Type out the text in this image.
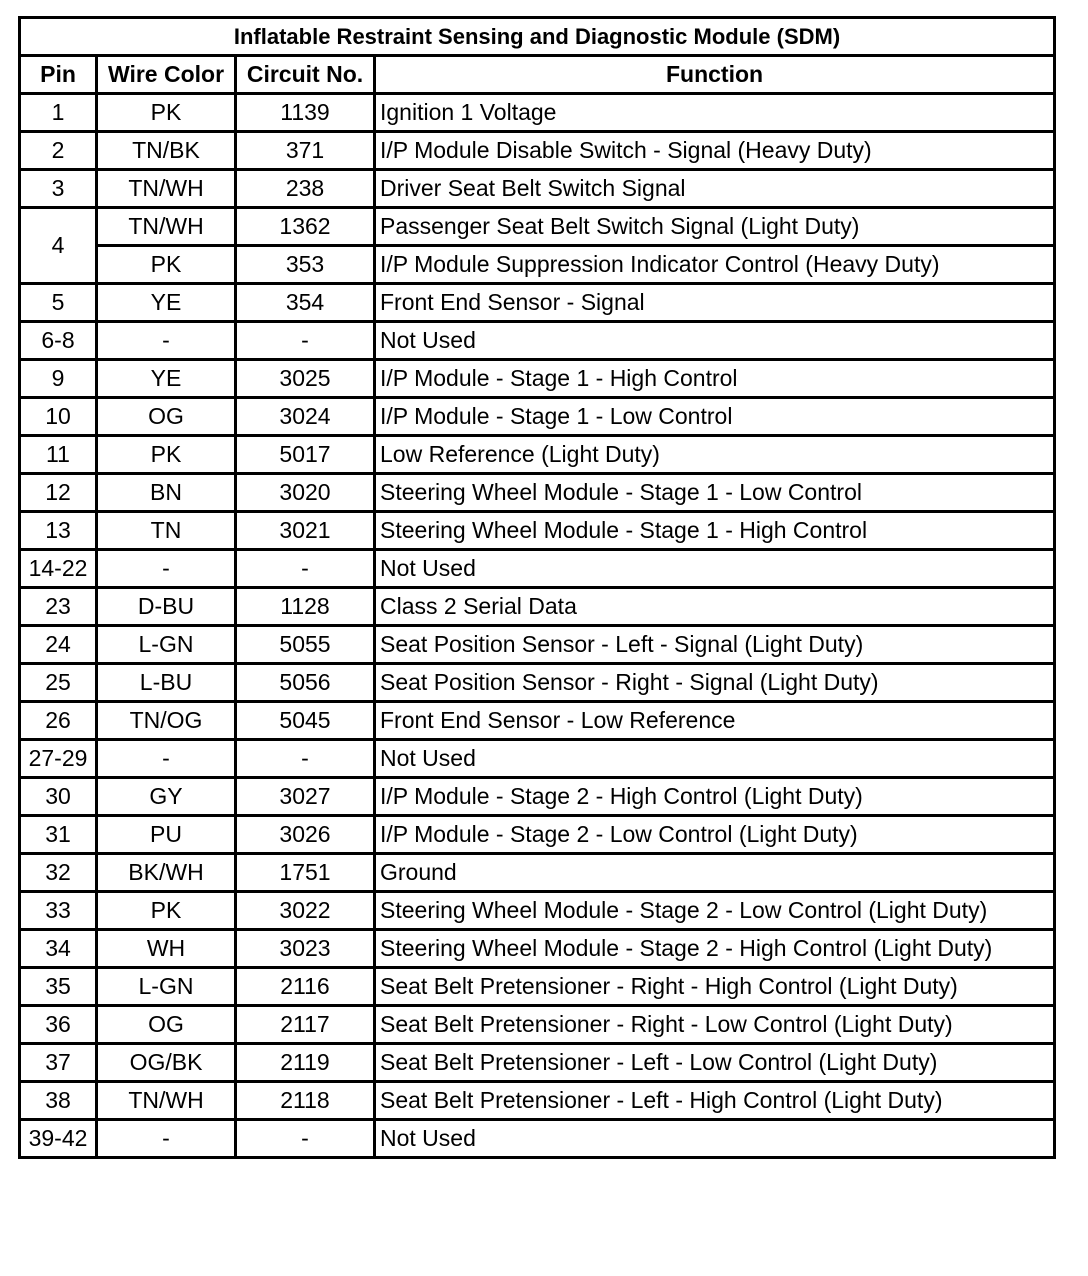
Inflatable Restraint Sensing and Diagnostic Module (SDM)			
Pin	Wire Color	Circuit No.	Function
1	PK	1139	Ignition 1 Voltage
2	TN/BK	371	I/P Module Disable Switch - Signal (Heavy Duty)
3	TN/WH	238	Driver Seat Belt Switch Signal
4	TN/WH	1362	Passenger Seat Belt Switch Signal (Light Duty)
	PK	353	I/P Module Suppression Indicator Control (Heavy Duty)
5	YE	354	Front End Sensor - Signal
6-8	-	-	Not Used
9	YE	3025	I/P Module - Stage 1 - High Control
10	OG	3024	I/P Module - Stage 1 - Low Control
11	PK	5017	Low Reference (Light Duty)
12	BN	3020	Steering Wheel Module - Stage 1 - Low Control
13	TN	3021	Steering Wheel Module - Stage 1 - High Control
14-22	-	-	Not Used
23	D-BU	1128	Class 2 Serial Data
24	L-GN	5055	Seat Position Sensor - Left - Signal (Light Duty)
25	L-BU	5056	Seat Position Sensor - Right - Signal (Light Duty)
26	TN/OG	5045	Front End Sensor - Low Reference
27-29	-	-	Not Used
30	GY	3027	I/P Module - Stage 2 - High Control (Light Duty)
31	PU	3026	I/P Module - Stage 2 - Low Control (Light Duty)
32	BK/WH	1751	Ground
33	PK	3022	Steering Wheel Module - Stage 2 - Low Control (Light Duty)
34	WH	3023	Steering Wheel Module - Stage 2 - High Control (Light Duty)
35	L-GN	2116	Seat Belt Pretensioner - Right - High Control (Light Duty)
36	OG	2117	Seat Belt Pretensioner - Right - Low Control (Light Duty)
37	OG/BK	2119	Seat Belt Pretensioner - Left - Low Control (Light Duty)
38	TN/WH	2118	Seat Belt Pretensioner - Left - High Control (Light Duty)
39-42	-	-	Not Used
